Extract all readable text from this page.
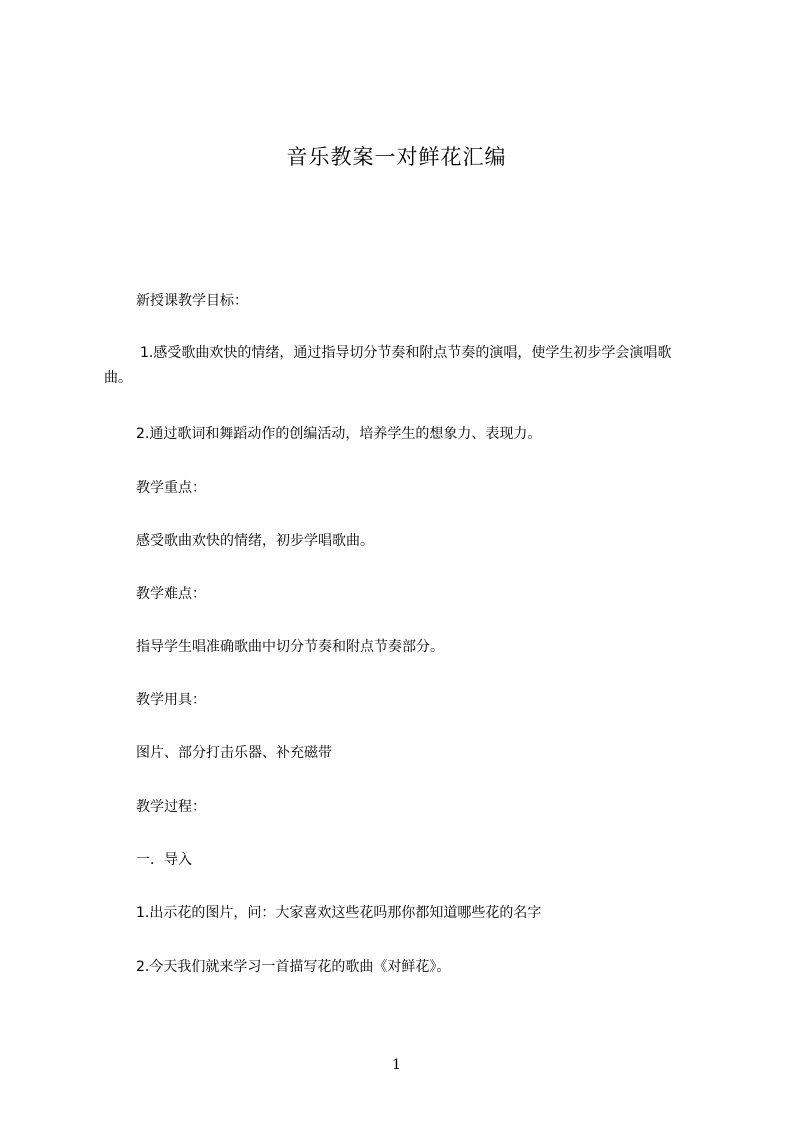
音乐教案一对鲜花汇编
新授课教学目标：
1.感受歌曲欢快的情绪，通过指导切分节奏和附点节奏的演唱，使学生初步学会演唱歌曲。
2.通过歌词和舞蹈动作的创编活动，培养学生的想象力、表现力。
教学重点：
感受歌曲欢快的情绪，初步学唱歌曲。
教学难点：
指导学生唱准确歌曲中切分节奏和附点节奏部分。
教学用具：
图片、部分打击乐器、补充磁带
教学过程：
一．导入
1.出示花的图片，问：大家喜欢这些花吗那你都知道哪些花的名字
2.今天我们就来学习一首描写花的歌曲《对鲜花》。
1
